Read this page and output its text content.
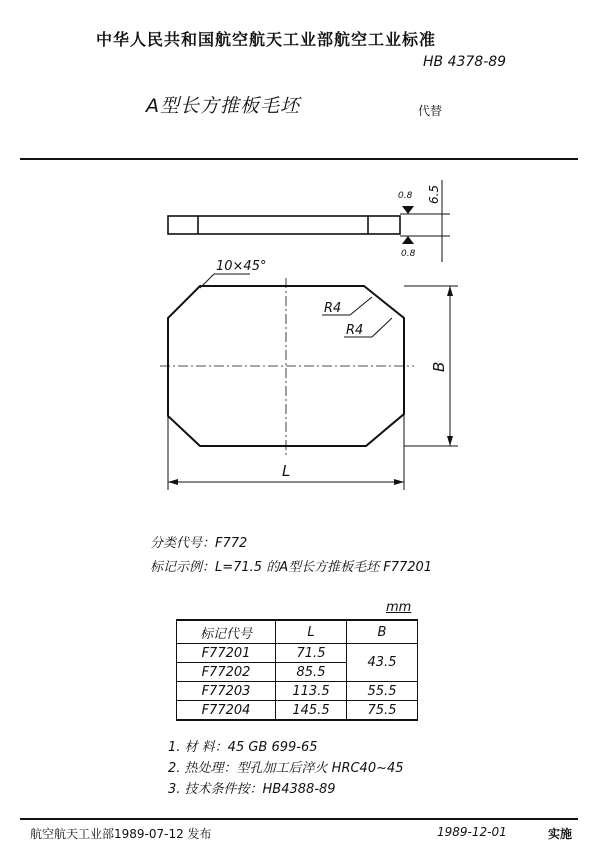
中华人民共和国航空航天工业部航空工业标准
HB 4378-89
A型长方推板毛坯	代替
0.8
0.8
6.5
10×45°
R4
R4
B
L
分类代号：F772
标记示例：L=71.5 的A型长方推板毛坯 F77201
mm
标记代号	L	B
F77201	71.5	43.5
F77202	85.5	
F77203	113.5	55.5
F77204	145.5	75.5
1. 材 料：45 GB 699-65
2. 热处理：型孔加工后淬火 HRC40~45
3. 技术条件按：HB4388-89
航空航天工业部1989-07-12 发布	1989-12-01	实施
